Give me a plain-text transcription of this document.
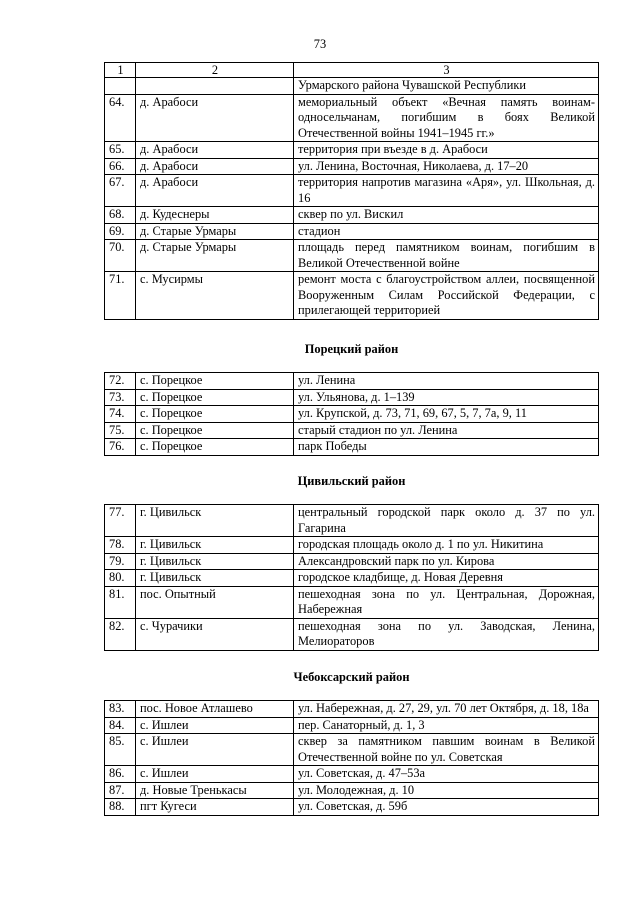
73
1	2	3
		Урмарского района Чувашской Республики
64.	д. Арабоси	мемориальный объект «Вечная память воинам-односельчанам, погибшим в боях Великой Отечественной войны 1941–1945 гг.»
65.	д. Арабоси	территория при въезде в д. Арабоси
66.	д. Арабоси	ул. Ленина, Восточная, Николаева, д. 17–20
67.	д. Арабоси	территория напротив магазина «Аря», ул. Школьная, д. 16
68.	д. Кудеснеры	сквер по ул. Вискил
69.	д. Старые Урмары	стадион
70.	д. Старые Урмары	площадь перед памятником воинам, погибшим в Великой Отечественной войне
71.	с. Мусирмы	ремонт моста с благоустройством аллеи, посвященной Вооруженным Силам Российской Федерации, с прилегающей территорией
Порецкий район
72.	с. Порецкое	ул. Ленина
73.	с. Порецкое	ул. Ульянова, д. 1–139
74.	с. Порецкое	ул. Крупской, д. 73, 71, 69, 67, 5, 7, 7а, 9, 11
75.	с. Порецкое	старый стадион по ул. Ленина
76.	с. Порецкое	парк Победы
Цивильский район
77.	г. Цивильск	центральный городской парк около д. 37 по ул. Гагарина
78.	г. Цивильск	городская площадь около д. 1 по ул. Никитина
79.	г. Цивильск	Александровский парк по ул. Кирова
80.	г. Цивильск	городское кладбище, д. Новая Деревня
81.	пос. Опытный	пешеходная зона по ул. Центральная, Дорожная, Набережная
82.	с. Чурачики	пешеходная зона по ул. Заводская, Ленина, Мелиораторов
Чебоксарский район
83.	пос. Новое Атлашево	ул. Набережная, д. 27, 29, ул. 70 лет Октября, д. 18, 18а
84.	с. Ишлеи	пер. Санаторный, д. 1, 3
85.	с. Ишлеи	сквер за памятником павшим воинам в Великой Отечественной войне по ул. Советская
86.	с. Ишлеи	ул. Советская, д. 47–53а
87.	д. Новые Тренькасы	ул. Молодежная, д. 10
88.	пгт Кугеси	ул. Советская, д. 59б
